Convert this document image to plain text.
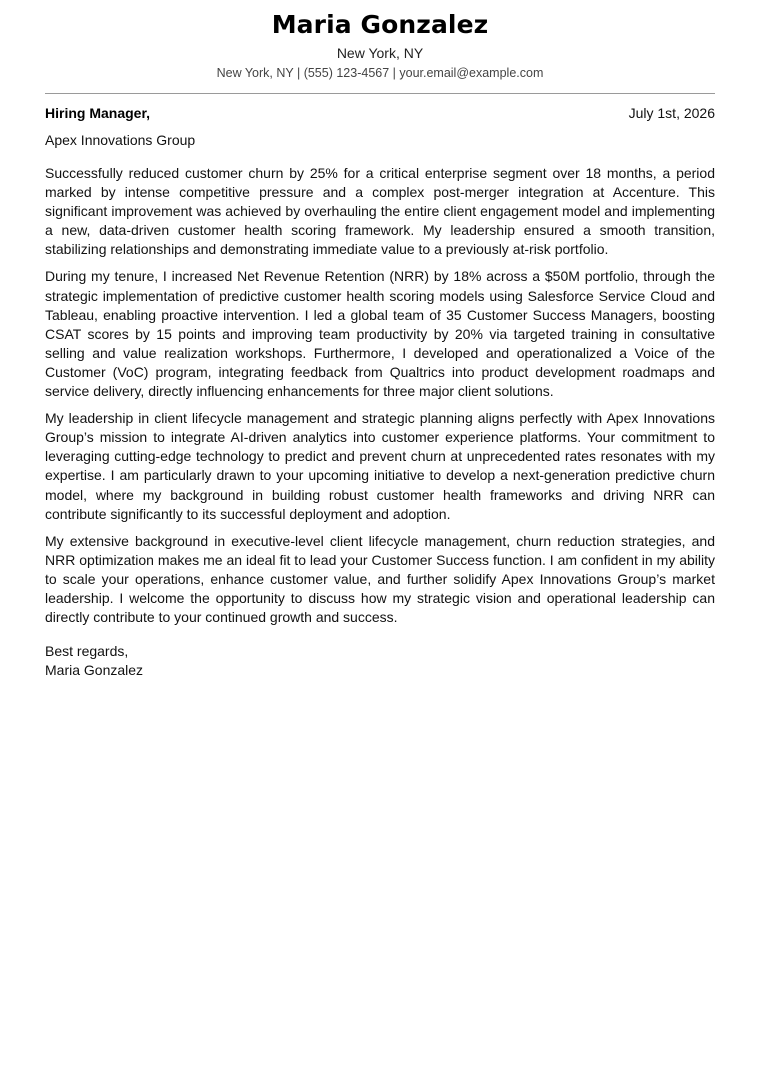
Maria Gonzalez
New York, NY
New York, NY | (555) 123-4567 | your.email@example.com
Hiring Manager,	July 1st, 2026
Apex Innovations Group

Successfully reduced customer churn by 25% for a critical enterprise segment over 18 months, a period marked by intense competitive pressure and a complex post-merger integration at Accenture. This significant improvement was achieved by overhauling the entire client engagement model and implementing a new, data-driven customer health scoring framework. My leadership ensured a smooth transition, stabilizing relationships and demonstrating immediate value to a previously at-risk portfolio.

During my tenure, I increased Net Revenue Retention (NRR) by 18% across a $50M portfolio, through the strategic implementation of predictive customer health scoring models using Salesforce Service Cloud and Tableau, enabling proactive intervention. I led a global team of 35 Customer Success Managers, boosting CSAT scores by 15 points and improving team productivity by 20% via targeted training in consultative selling and value realization workshops. Furthermore, I developed and operationalized a Voice of the Customer (VoC) program, integrating feedback from Qualtrics into product development roadmaps and service delivery, directly influencing enhancements for three major client solutions.

My leadership in client lifecycle management and strategic planning aligns perfectly with Apex Innovations Group’s mission to integrate AI-driven analytics into customer experience platforms. Your commitment to leveraging cutting-edge technology to predict and prevent churn at unprecedented rates resonates with my expertise. I am particularly drawn to your upcoming initiative to develop a next-generation predictive churn model, where my background in building robust customer health frameworks and driving NRR can contribute significantly to its successful deployment and adoption.

My extensive background in executive-level client lifecycle management, churn reduction strategies, and NRR optimization makes me an ideal fit to lead your Customer Success function. I am confident in my ability to scale your operations, enhance customer value, and further solidify Apex Innovations Group’s market leadership. I welcome the opportunity to discuss how my strategic vision and operational leadership can directly contribute to your continued growth and success.

Best regards,
Maria Gonzalez
